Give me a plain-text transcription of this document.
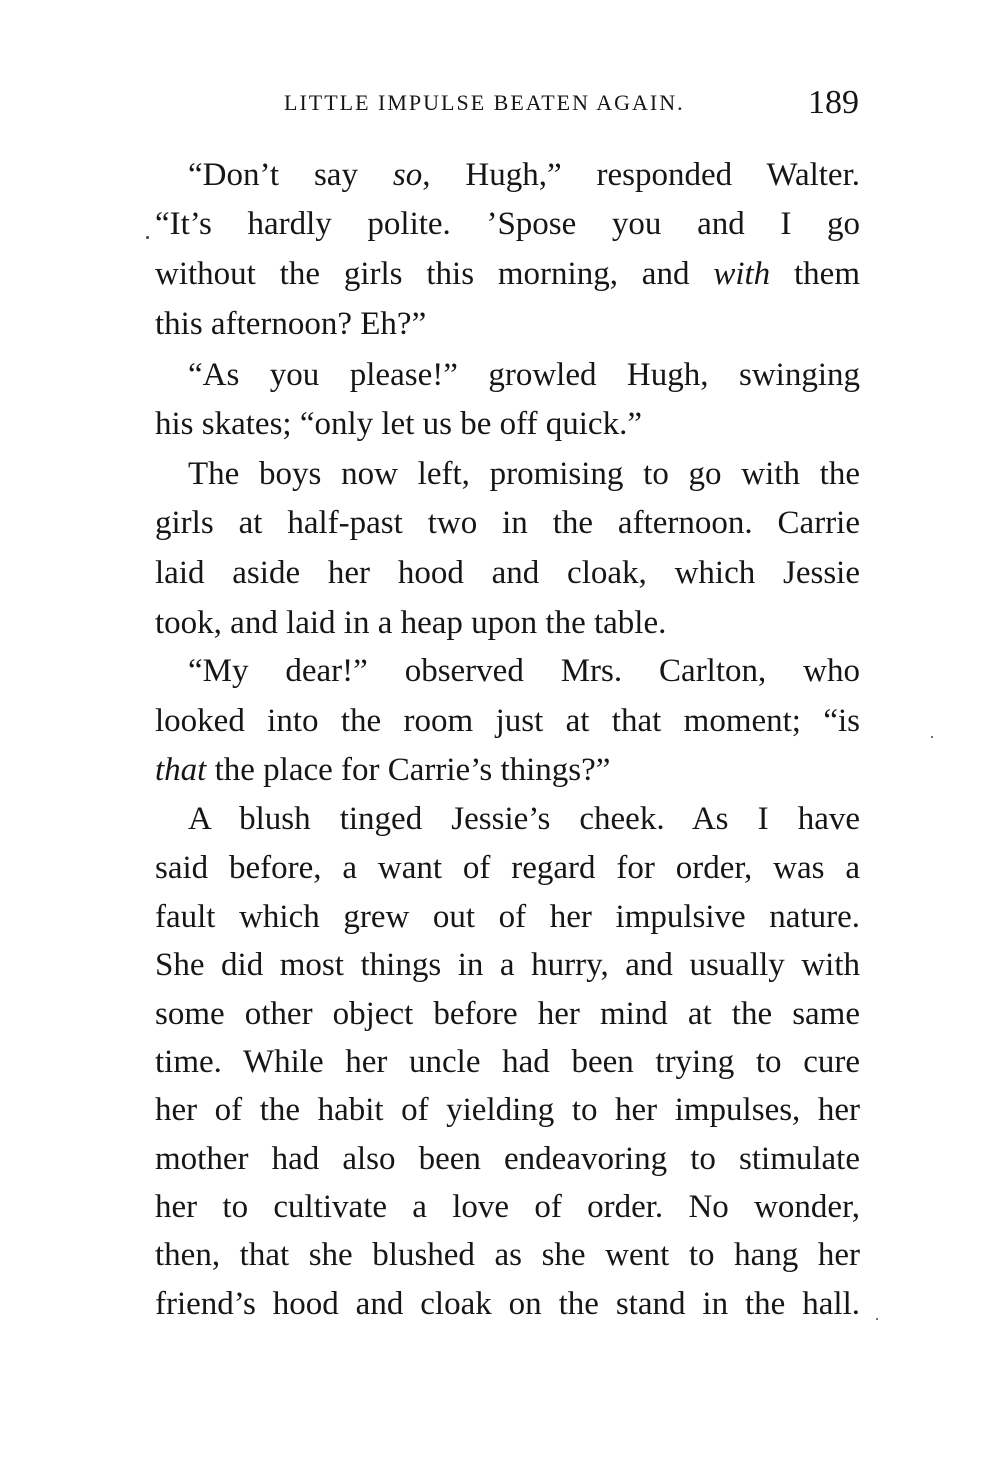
LITTLE IMPULSE BEATEN AGAIN.	189
“Don’t say so, Hugh,” responded Walter.
“It’s hardly polite. ’Spose you and I go
without the girls this morning, and with them
this afternoon? Eh?”
“As you please!” growled Hugh, swinging
his skates; “only let us be off quick.”
The boys now left, promising to go with the
girls at half-past two in the afternoon. Carrie
laid aside her hood and cloak, which Jessie
took, and laid in a heap upon the table.
“My dear!” observed Mrs. Carlton, who
looked into the room just at that moment; “is
that the place for Carrie’s things?”
A blush tinged Jessie’s cheek. As I have
said before, a want of regard for order, was a
fault which grew out of her impulsive nature.
She did most things in a hurry, and usually with
some other object before her mind at the same
time. While her uncle had been trying to cure
her of the habit of yielding to her impulses, her
mother had also been endeavoring to stimulate
her to cultivate a love of order. No wonder,
then, that she blushed as she went to hang her
friend’s hood and cloak on the stand in the hall.
